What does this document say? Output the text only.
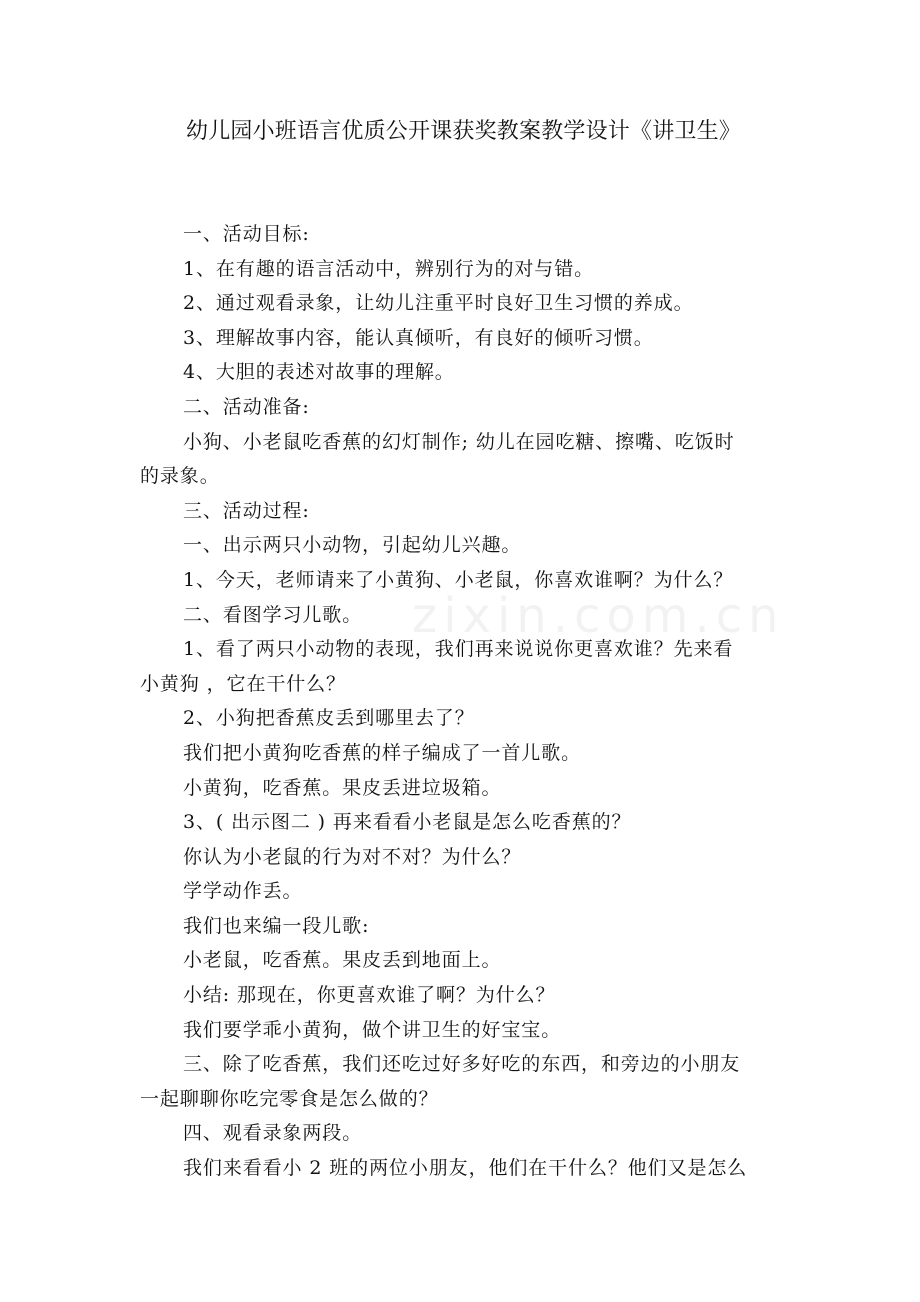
幼儿园小班语言优质公开课获奖教案教学设计《讲卫生》
zixin.com.cn
一、活动目标:
1、在有趣的语言活动中，辨别行为的对与错。
2、通过观看录象，让幼儿注重平时良好卫生习惯的养成。
3、理解故事内容，能认真倾听，有良好的倾听习惯。
4、大胆的表述对故事的理解。
二、活动准备:
小狗、小老鼠吃香蕉的幻灯制作; 幼儿在园吃糖、擦嘴、吃饭时
的录象。
三、活动过程:
一、出示两只小动物，引起幼儿兴趣。
1、今天，老师请来了小黄狗、小老鼠，你喜欢谁啊？为什么？
二、看图学习儿歌。
1、看了两只小动物的表现，我们再来说说你更喜欢谁？先来看
小黄狗 ，它在干什么？
2、小狗把香蕉皮丢到哪里去了？
我们把小黄狗吃香蕉的样子编成了一首儿歌。
小黄狗，吃香蕉。果皮丢进垃圾箱。
3、( 出示图二 ) 再来看看小老鼠是怎么吃香蕉的？
你认为小老鼠的行为对不对？为什么？
学学动作丢。
我们也来编一段儿歌:
小老鼠，吃香蕉。果皮丢到地面上。
小结: 那现在，你更喜欢谁了啊？为什么？
我们要学乖小黄狗，做个讲卫生的好宝宝。
三、除了吃香蕉，我们还吃过好多好吃的东西，和旁边的小朋友
一起聊聊你吃完零食是怎么做的？
四、观看录象两段。
我们来看看小 2 班的两位小朋友，他们在干什么？他们又是怎么
